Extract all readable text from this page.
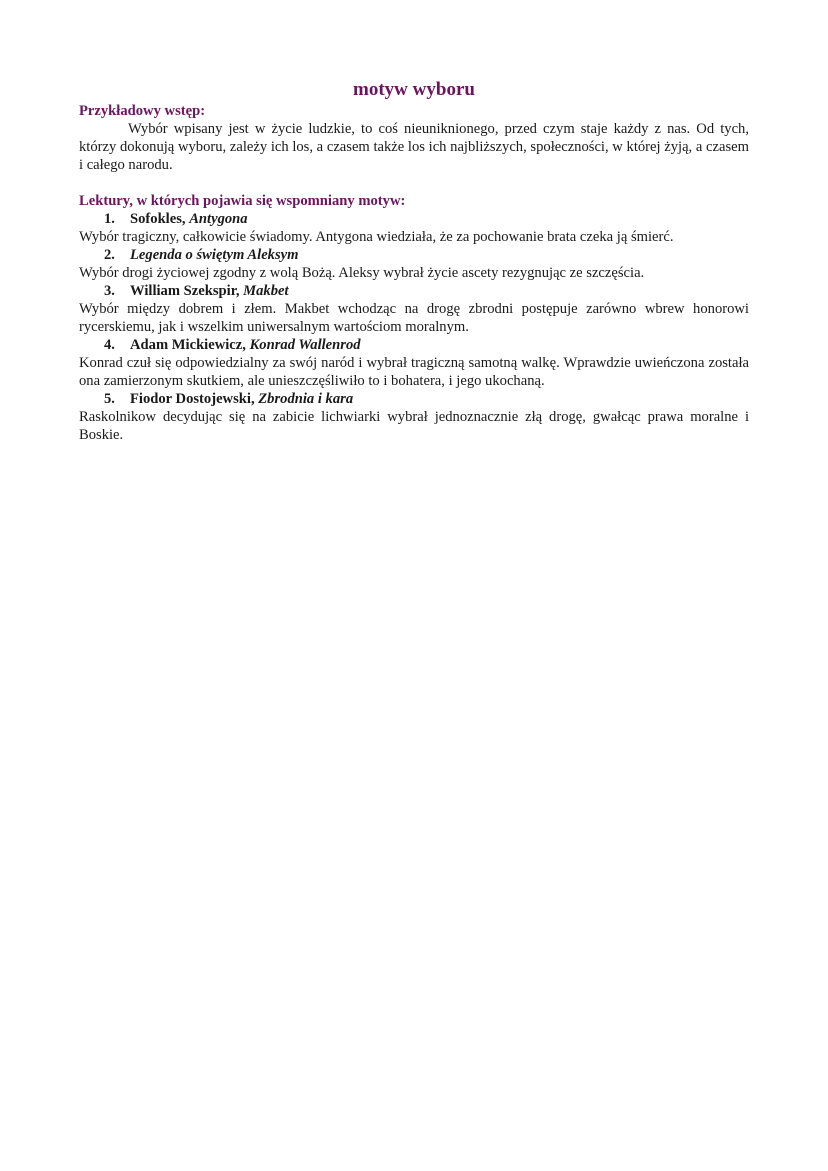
motyw wyboru

Przykładowy wstęp:

Wybór wpisany jest w życie ludzkie, to coś nieuniknionego, przed czym staje każdy z nas. Od tych, którzy dokonują wyboru, zależy ich los, a czasem także los ich najbliższych, społeczności, w której żyją, a czasem i całego narodu.

Lektury, w których pojawia się wspomniany motyw:

1. Sofokles, Antygona

Wybór tragiczny, całkowicie świadomy. Antygona wiedziała, że za pochowanie brata czeka ją śmierć.

2. Legenda o świętym Aleksym

Wybór drogi życiowej zgodny z wolą Bożą. Aleksy wybrał życie ascety rezygnując ze szczęścia.

3. William Szekspir, Makbet

Wybór między dobrem i złem. Makbet wchodząc na drogę zbrodni postępuje zarówno wbrew honorowi rycerskiemu, jak i wszelkim uniwersalnym wartościom moralnym.

4. Adam Mickiewicz, Konrad Wallenrod

Konrad czuł się odpowiedzialny za swój naród i wybrał tragiczną samotną walkę. Wprawdzie uwieńczona została ona zamierzonym skutkiem, ale unieszczęśliwiło to i bohatera, i jego ukochaną.

5. Fiodor Dostojewski, Zbrodnia i kara

Raskolnikow decydując się na zabicie lichwiarki wybrał jednoznacznie złą drogę, gwałcąc prawa moralne i Boskie.
